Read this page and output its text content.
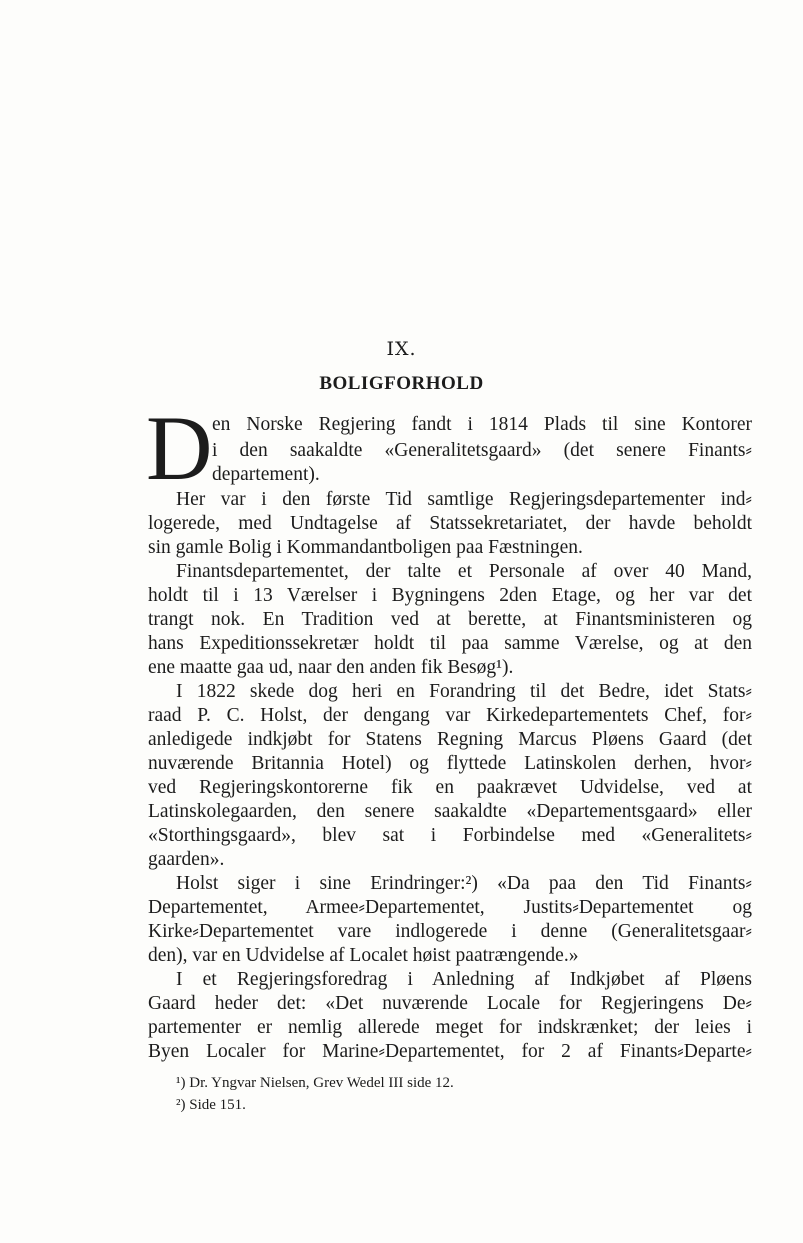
IX.
BOLIGFORHOLD
D en Norske Regjering fandt i 1814 Plads til sine Kontorer
i den saakaldte «Generalitetsgaard» (det senere Finants⸗
departement).
Her var i den første Tid samtlige Regjeringsdepartementer ind⸗
logerede, med Undtagelse af Statssekretariatet, der havde beholdt
sin gamle Bolig i Kommandantboligen paa Fæstningen.
Finantsdepartementet, der talte et Personale af over 40 Mand,
holdt til i 13 Værelser i Bygningens 2den Etage, og her var det
trangt nok. En Tradition ved at berette, at Finantsministeren og
hans Expeditionssekretær holdt til paa samme Værelse, og at den
ene maatte gaa ud, naar den anden fik Besøg¹).
I 1822 skede dog heri en Forandring til det Bedre, idet Stats⸗
raad P. C. Holst, der dengang var Kirkedepartementets Chef, for⸗
anledigede indkjøbt for Statens Regning Marcus Pløens Gaard (det
nuværende Britannia Hotel) og flyttede Latinskolen derhen, hvor⸗
ved Regjeringskontorerne fik en paakrævet Udvidelse, ved at
Latinskolegaarden, den senere saakaldte «Departementsgaard» eller
«Storthingsgaard», blev sat i Forbindelse med «Generalitets⸗
gaarden».
Holst siger i sine Erindringer:²) «Da paa den Tid Finants⸗
Departementet, Armee⸗Departementet, Justits⸗Departementet og
Kirke⸗Departementet vare indlogerede i denne (Generalitetsgaar⸗
den), var en Udvidelse af Localet høist paatrængende.»
I et Regjeringsforedrag i Anledning af Indkjøbet af Pløens
Gaard heder det: «Det nuværende Locale for Regjeringens De⸗
partementer er nemlig allerede meget for indskrænket; der leies i
Byen Localer for Marine⸗Departementet, for 2 af Finants⸗Departe⸗
¹) Dr. Yngvar Nielsen, Grev Wedel III side 12.
²) Side 151.
